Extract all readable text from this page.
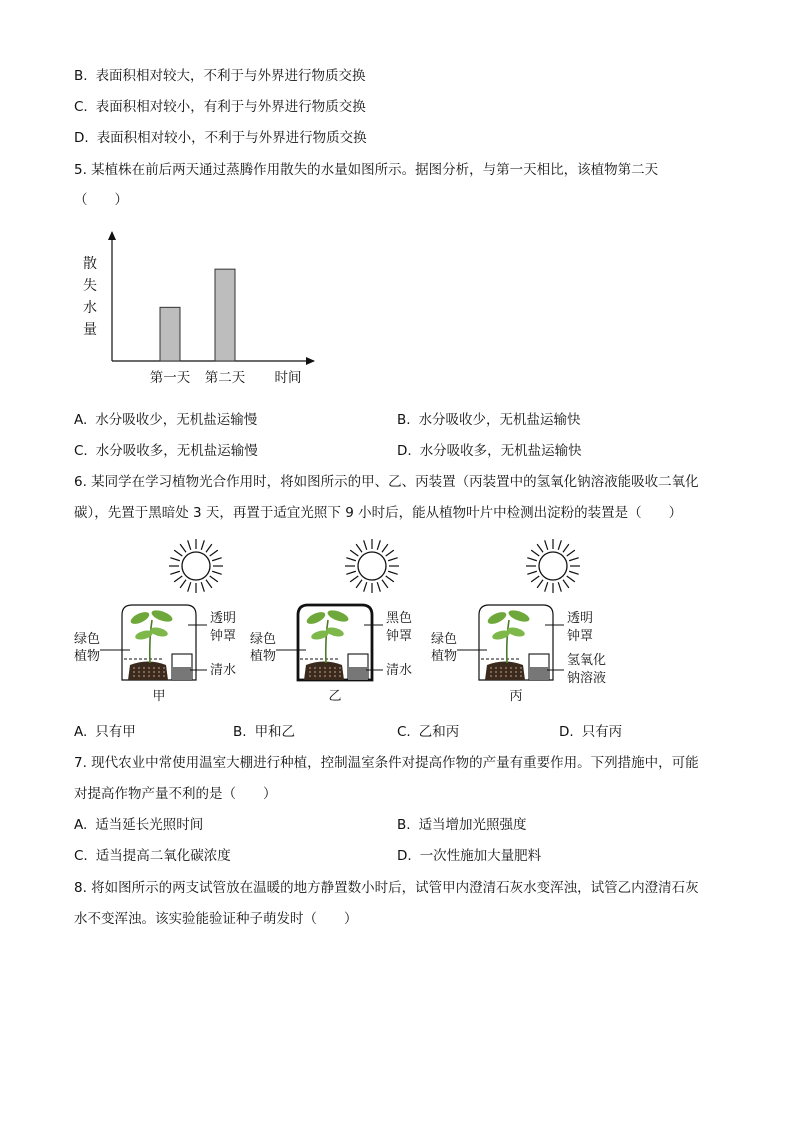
B. 表面积相对较大，不利于与外界进行物质交换
C. 表面积相对较小，有利于与外界进行物质交换
D. 表面积相对较小，不利于与外界进行物质交换
5. 某植株在前后两天通过蒸腾作用散失的水量如图所示。据图分析，与第一天相比，该植物第二天
（　　）
散
失
水
量
第一天 第二天 时间
A. 水分吸收少，无机盐运输慢	B. 水分吸收少，无机盐运输快
C. 水分吸收多，无机盐运输慢	D. 水分吸收多，无机盐运输快
6. 某同学在学习植物光合作用时，将如图所示的甲、乙、丙装置（丙装置中的氢氧化钠溶液能吸收二氧化
碳），先置于黑暗处 3 天，再置于适宜光照下 9 小时后，能从植物叶片中检测出淀粉的装置是（　　）
绿色
植物
透明
钟罩
清水
甲
绿色
植物
黑色
钟罩
清水
乙
绿色
植物
透明
钟罩
氢氧化
钠溶液
丙
A. 只有甲	B. 甲和乙	C. 乙和丙	D. 只有丙
7. 现代农业中常使用温室大棚进行种植，控制温室条件对提高作物的产量有重要作用。下列措施中，可能
对提高作物产量不利的是（　　）
A. 适当延长光照时间	B. 适当增加光照强度
C. 适当提高二氧化碳浓度	D. 一次性施加大量肥料
8. 将如图所示的两支试管放在温暖的地方静置数小时后，试管甲内澄清石灰水变浑浊，试管乙内澄清石灰
水不变浑浊。该实验能验证种子萌发时（　　）
